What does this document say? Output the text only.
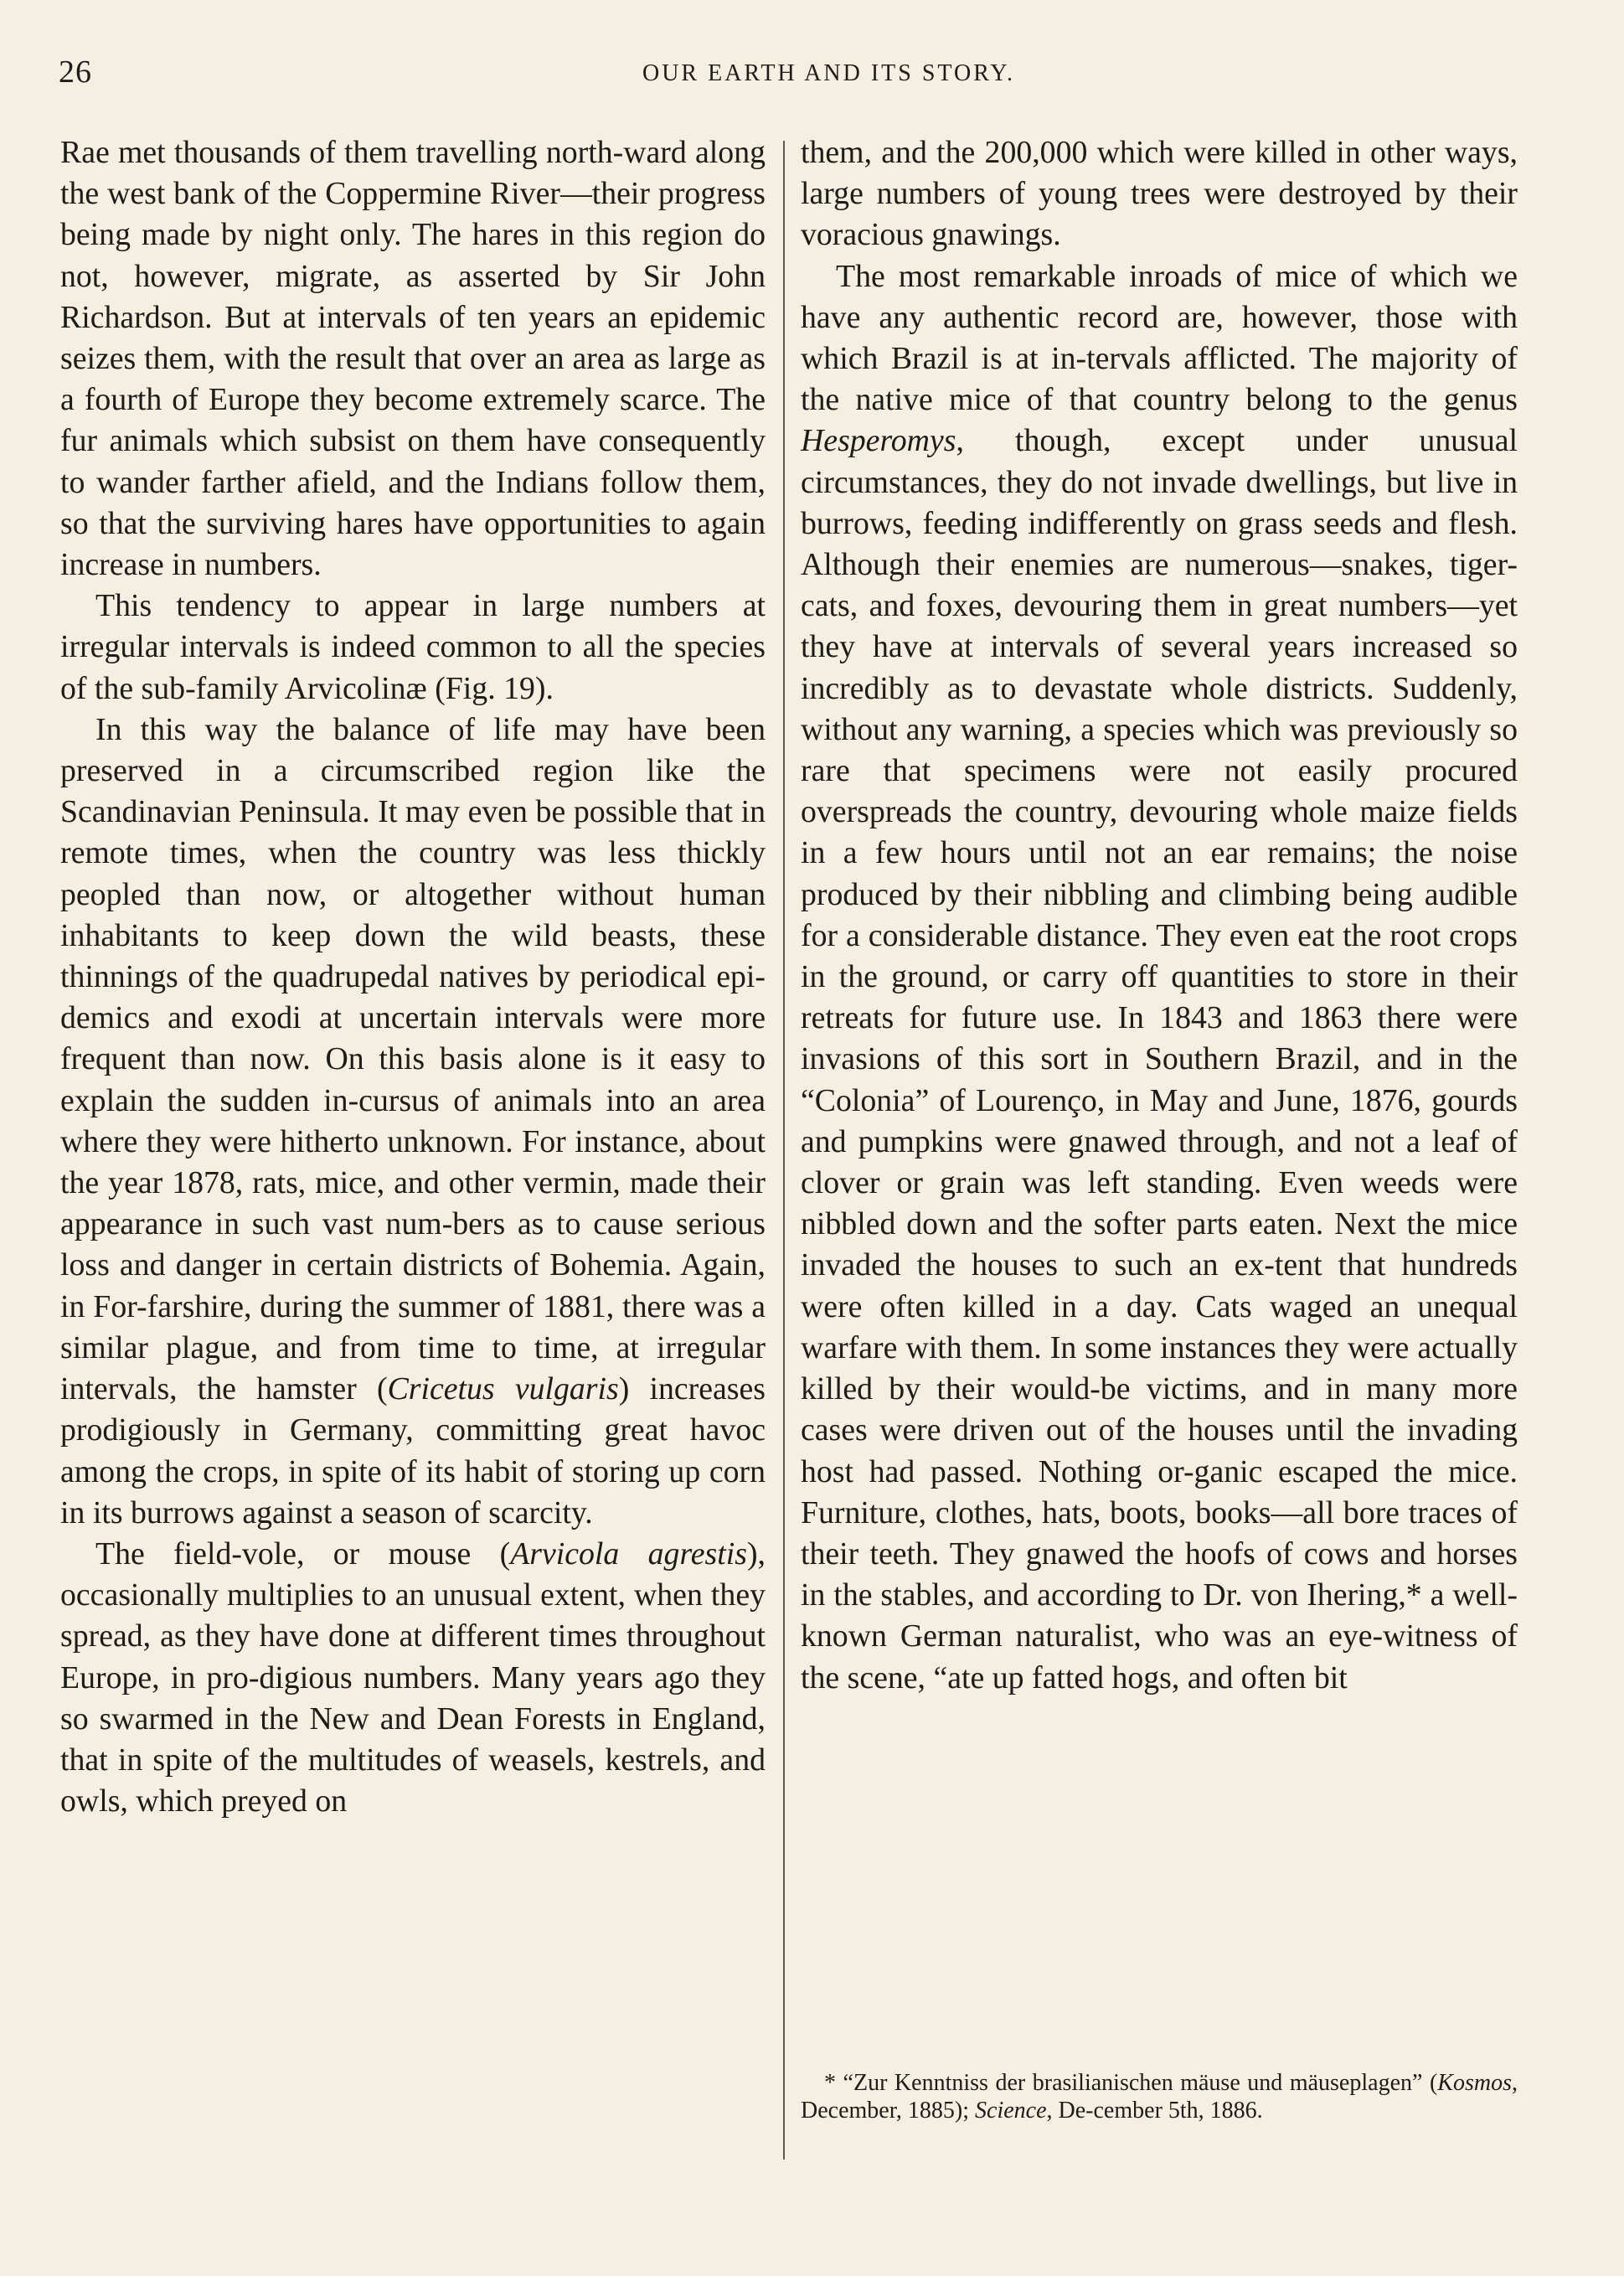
26	OUR EARTH AND ITS STORY.

Rae met thousands of them travelling north-ward along the west bank of the Coppermine River—their progress being made by night only. The hares in this region do not, however, migrate, as asserted by Sir John Richardson. But at intervals of ten years an epidemic seizes them, with the result that over an area as large as a fourth of Europe they become extremely scarce. The fur animals which subsist on them have consequently to wander farther afield, and the Indians follow them, so that the surviving hares have opportunities to again increase in numbers.

This tendency to appear in large numbers at irregular intervals is indeed common to all the species of the sub-family Arvicolinæ (Fig. 19).

In this way the balance of life may have been preserved in a circumscribed region like the Scandinavian Peninsula. It may even be possible that in remote times, when the country was less thickly peopled than now, or altogether without human inhabitants to keep down the wild beasts, these thinnings of the quadrupedal natives by periodical epi-demics and exodi at uncertain intervals were more frequent than now. On this basis alone is it easy to explain the sudden in-cursus of animals into an area where they were hitherto unknown. For instance, about the year 1878, rats, mice, and other vermin, made their appearance in such vast num-bers as to cause serious loss and danger in certain districts of Bohemia. Again, in For-farshire, during the summer of 1881, there was a similar plague, and from time to time, at irregular intervals, the hamster (Cricetus vulgaris) increases prodigiously in Germany, committing great havoc among the crops, in spite of its habit of storing up corn in its burrows against a season of scarcity.

The field-vole, or mouse (Arvicola agrestis), occasionally multiplies to an unusual extent, when they spread, as they have done at different times throughout Europe, in pro-digious numbers. Many years ago they so swarmed in the New and Dean Forests in England, that in spite of the multitudes of weasels, kestrels, and owls, which preyed on

them, and the 200,000 which were killed in other ways, large numbers of young trees were destroyed by their voracious gnawings.

The most remarkable inroads of mice of which we have any authentic record are, however, those with which Brazil is at in-tervals afflicted. The majority of the native mice of that country belong to the genus Hesperomys, though, except under unusual circumstances, they do not invade dwellings, but live in burrows, feeding indifferently on grass seeds and flesh. Although their enemies are numerous—snakes, tiger-cats, and foxes, devouring them in great numbers—yet they have at intervals of several years increased so incredibly as to devastate whole districts. Suddenly, without any warning, a species which was previously so rare that specimens were not easily procured overspreads the country, devouring whole maize fields in a few hours until not an ear remains; the noise produced by their nibbling and climbing being audible for a considerable distance. They even eat the root crops in the ground, or carry off quantities to store in their retreats for future use. In 1843 and 1863 there were invasions of this sort in Southern Brazil, and in the “Colonia” of Lourenço, in May and June, 1876, gourds and pumpkins were gnawed through, and not a leaf of clover or grain was left standing. Even weeds were nibbled down and the softer parts eaten. Next the mice invaded the houses to such an ex-tent that hundreds were often killed in a day. Cats waged an unequal warfare with them. In some instances they were actually killed by their would-be victims, and in many more cases were driven out of the houses until the invading host had passed. Nothing or-ganic escaped the mice. Furniture, clothes, hats, boots, books—all bore traces of their teeth. They gnawed the hoofs of cows and horses in the stables, and according to Dr. von Ihering,* a well-known German naturalist, who was an eye-witness of the scene, “ate up fatted hogs, and often bit

* “Zur Kenntniss der brasilianischen mäuse und mäuseplagen” (Kosmos, December, 1885); Science, De-cember 5th, 1886.
